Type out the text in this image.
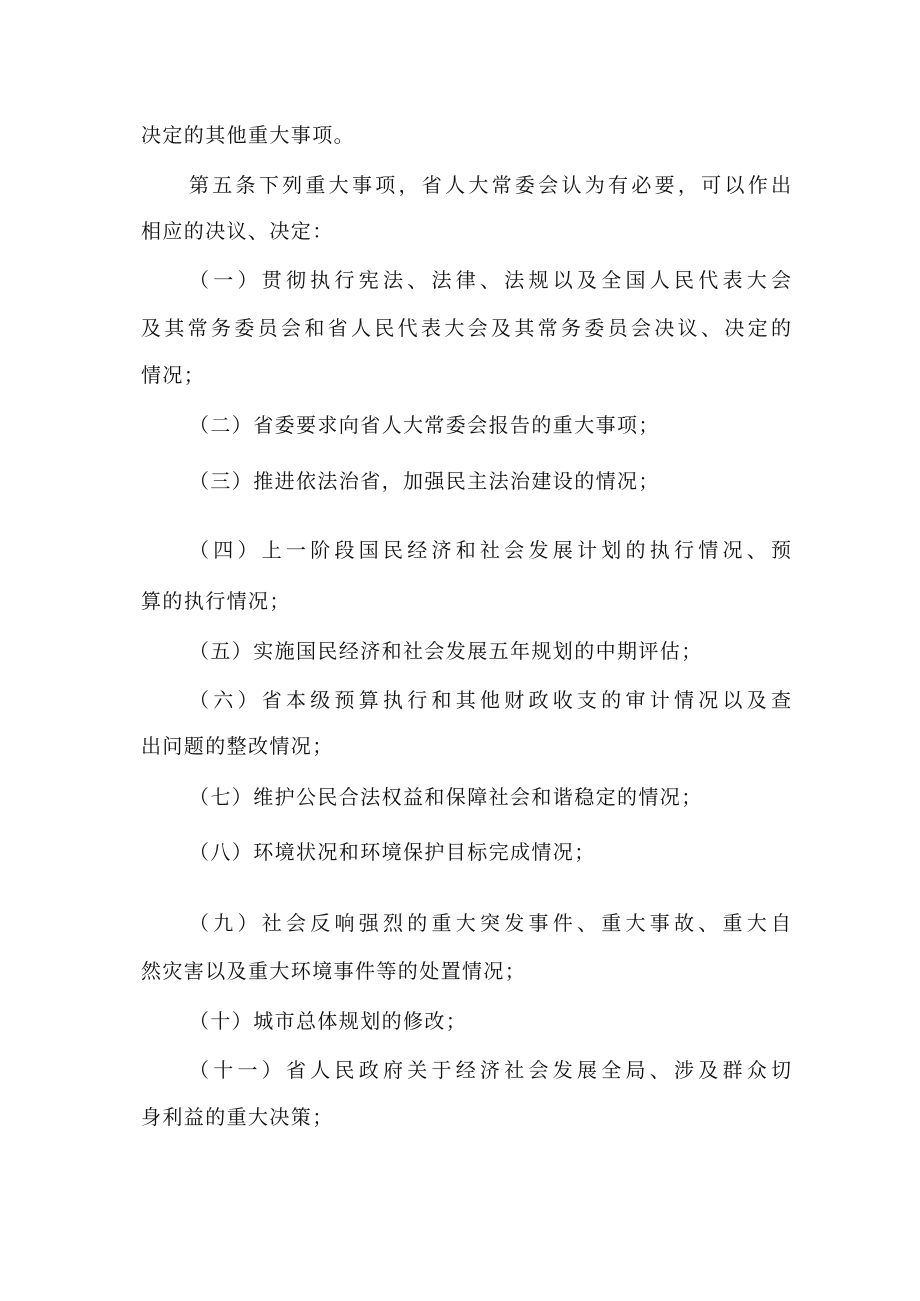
决定的其他重大事项。

第五条下列重大事项，省人大常委会认为有必要，可以作出

相应的决议、决定：

（一）贯彻执行宪法、法律、法规以及全国人民代表大会

及其常务委员会和省人民代表大会及其常务委员会决议、决定的

情况；

（二）省委要求向省人大常委会报告的重大事项；

（三）推进依法治省，加强民主法治建设的情况；

（四）上一阶段国民经济和社会发展计划的执行情况、预

算的执行情况；

（五）实施国民经济和社会发展五年规划的中期评估；

（六）省本级预算执行和其他财政收支的审计情况以及查

出问题的整改情况；

（七）维护公民合法权益和保障社会和谐稳定的情况；

（八）环境状况和环境保护目标完成情况；

（九）社会反响强烈的重大突发事件、重大事故、重大自

然灾害以及重大环境事件等的处置情况；

（十）城市总体规划的修改；

（十一）省人民政府关于经济社会发展全局、涉及群众切

身利益的重大决策；
